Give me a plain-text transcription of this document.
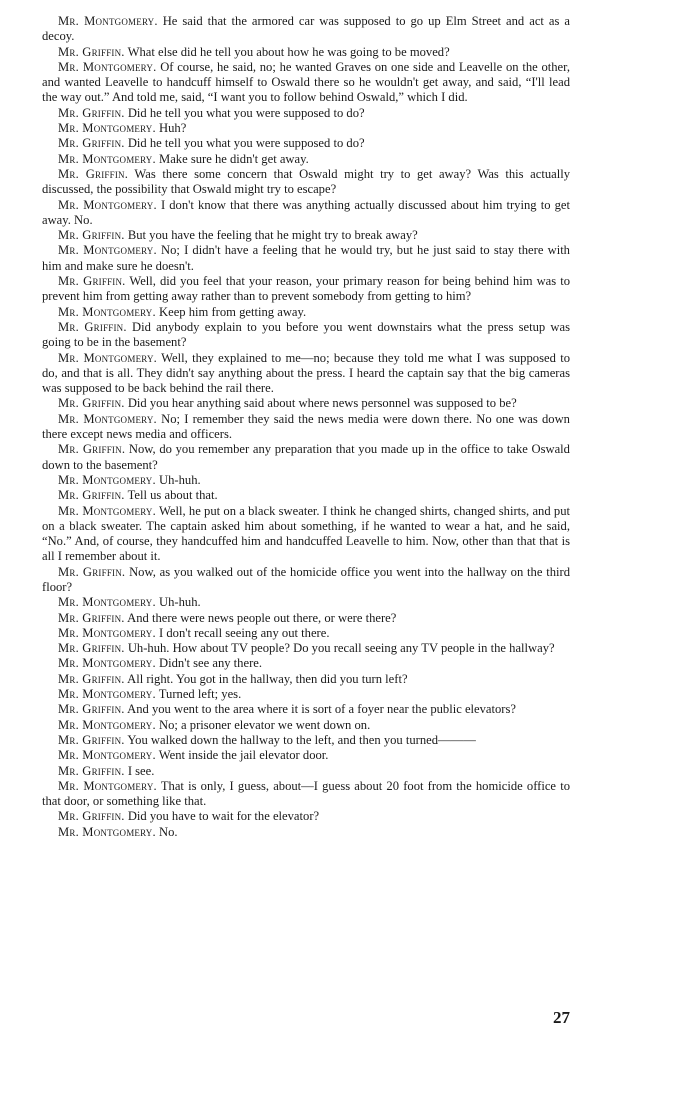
Mr. Montgomery. He said that the armored car was supposed to go up Elm Street and act as a decoy.

Mr. Griffin. What else did he tell you about how he was going to be moved?

Mr. Montgomery. Of course, he said, no; he wanted Graves on one side and Leavelle on the other, and wanted Leavelle to handcuff himself to Oswald there so he wouldn't get away, and said, “I'll lead the way out.” And told me, said, “I want you to follow behind Oswald,” which I did.

Mr. Griffin. Did he tell you what you were supposed to do?

Mr. Montgomery. Huh?

Mr. Griffin. Did he tell you what you were supposed to do?

Mr. Montgomery. Make sure he didn't get away.

Mr. Griffin. Was there some concern that Oswald might try to get away? Was this actually discussed, the possibility that Oswald might try to escape?

Mr. Montgomery. I don't know that there was anything actually discussed about him trying to get away. No.

Mr. Griffin. But you have the feeling that he might try to break away?

Mr. Montgomery. No; I didn't have a feeling that he would try, but he just said to stay there with him and make sure he doesn't.

Mr. Griffin. Well, did you feel that your reason, your primary reason for being behind him was to prevent him from getting away rather than to prevent somebody from getting to him?

Mr. Montgomery. Keep him from getting away.

Mr. Griffin. Did anybody explain to you before you went downstairs what the press setup was going to be in the basement?

Mr. Montgomery. Well, they explained to me—no; because they told me what I was supposed to do, and that is all. They didn't say anything about the press. I heard the captain say that the big cameras was supposed to be back behind the rail there.

Mr. Griffin. Did you hear anything said about where news personnel was supposed to be?

Mr. Montgomery. No; I remember they said the news media were down there. No one was down there except news media and officers.

Mr. Griffin. Now, do you remember any preparation that you made up in the office to take Oswald down to the basement?

Mr. Montgomery. Uh-huh.

Mr. Griffin. Tell us about that.

Mr. Montgomery. Well, he put on a black sweater. I think he changed shirts, changed shirts, and put on a black sweater. The captain asked him about something, if he wanted to wear a hat, and he said, “No.” And, of course, they handcuffed him and handcuffed Leavelle to him. Now, other than that that is all I remember about it.

Mr. Griffin. Now, as you walked out of the homicide office you went into the hallway on the third floor?

Mr. Montgomery. Uh-huh.

Mr. Griffin. And there were news people out there, or were there?

Mr. Montgomery. I don't recall seeing any out there.

Mr. Griffin. Uh-huh. How about TV people? Do you recall seeing any TV people in the hallway?

Mr. Montgomery. Didn't see any there.

Mr. Griffin. All right. You got in the hallway, then did you turn left?

Mr. Montgomery. Turned left; yes.

Mr. Griffin. And you went to the area where it is sort of a foyer near the public elevators?

Mr. Montgomery. No; a prisoner elevator we went down on.

Mr. Griffin. You walked down the hallway to the left, and then you turned———

Mr. Montgomery. Went inside the jail elevator door.

Mr. Griffin. I see.

Mr. Montgomery. That is only, I guess, about—I guess about 20 foot from the homicide office to that door, or something like that.

Mr. Griffin. Did you have to wait for the elevator?

Mr. Montgomery. No.

27
